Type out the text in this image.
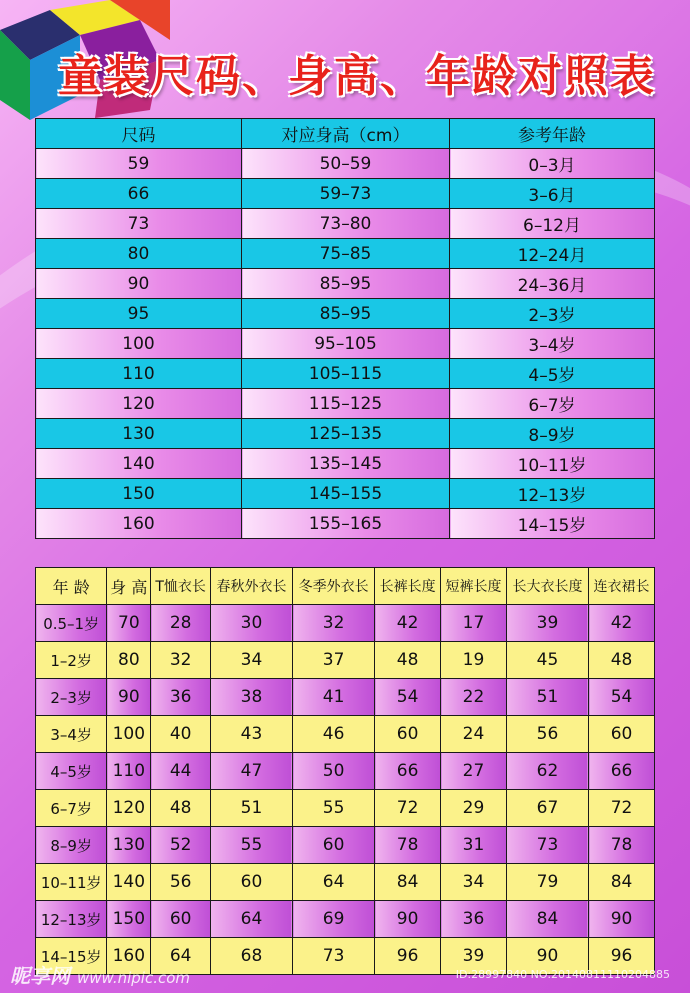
童装尺码、身高、年龄对照表
尺码	对应身高（cm）	参考年龄
59	50–59	0–3月
66	59–73	3–6月
73	73–80	6–12月
80	75–85	12–24月
90	85–95	24–36月
95	85–95	2–3岁
100	95–105	3–4岁
110	105–115	4–5岁
120	115–125	6–7岁
130	125–135	8–9岁
140	135–145	10–11岁
150	145–155	12–13岁
160	155–165	14–15岁
年 龄	身 高	T恤衣长	春秋外衣长	冬季外衣长	长裤长度	短裤长度	长大衣长度	连衣裙长
0.5–1岁	70	28	30	32	42	17	39	42
1–2岁	80	32	34	37	48	19	45	48
2–3岁	90	36	38	41	54	22	51	54
3–4岁	100	40	43	46	60	24	56	60
4–5岁	110	44	47	50	66	27	62	66
6–7岁	120	48	51	55	72	29	67	72
8–9岁	130	52	55	60	78	31	73	78
10–11岁	140	56	60	64	84	34	79	84
12–13岁	150	60	64	69	90	36	84	90
14–15岁	160	64	68	73	96	39	90	96
昵享网 www.nipic.com	ID:28997840 NO:20140811110204885
